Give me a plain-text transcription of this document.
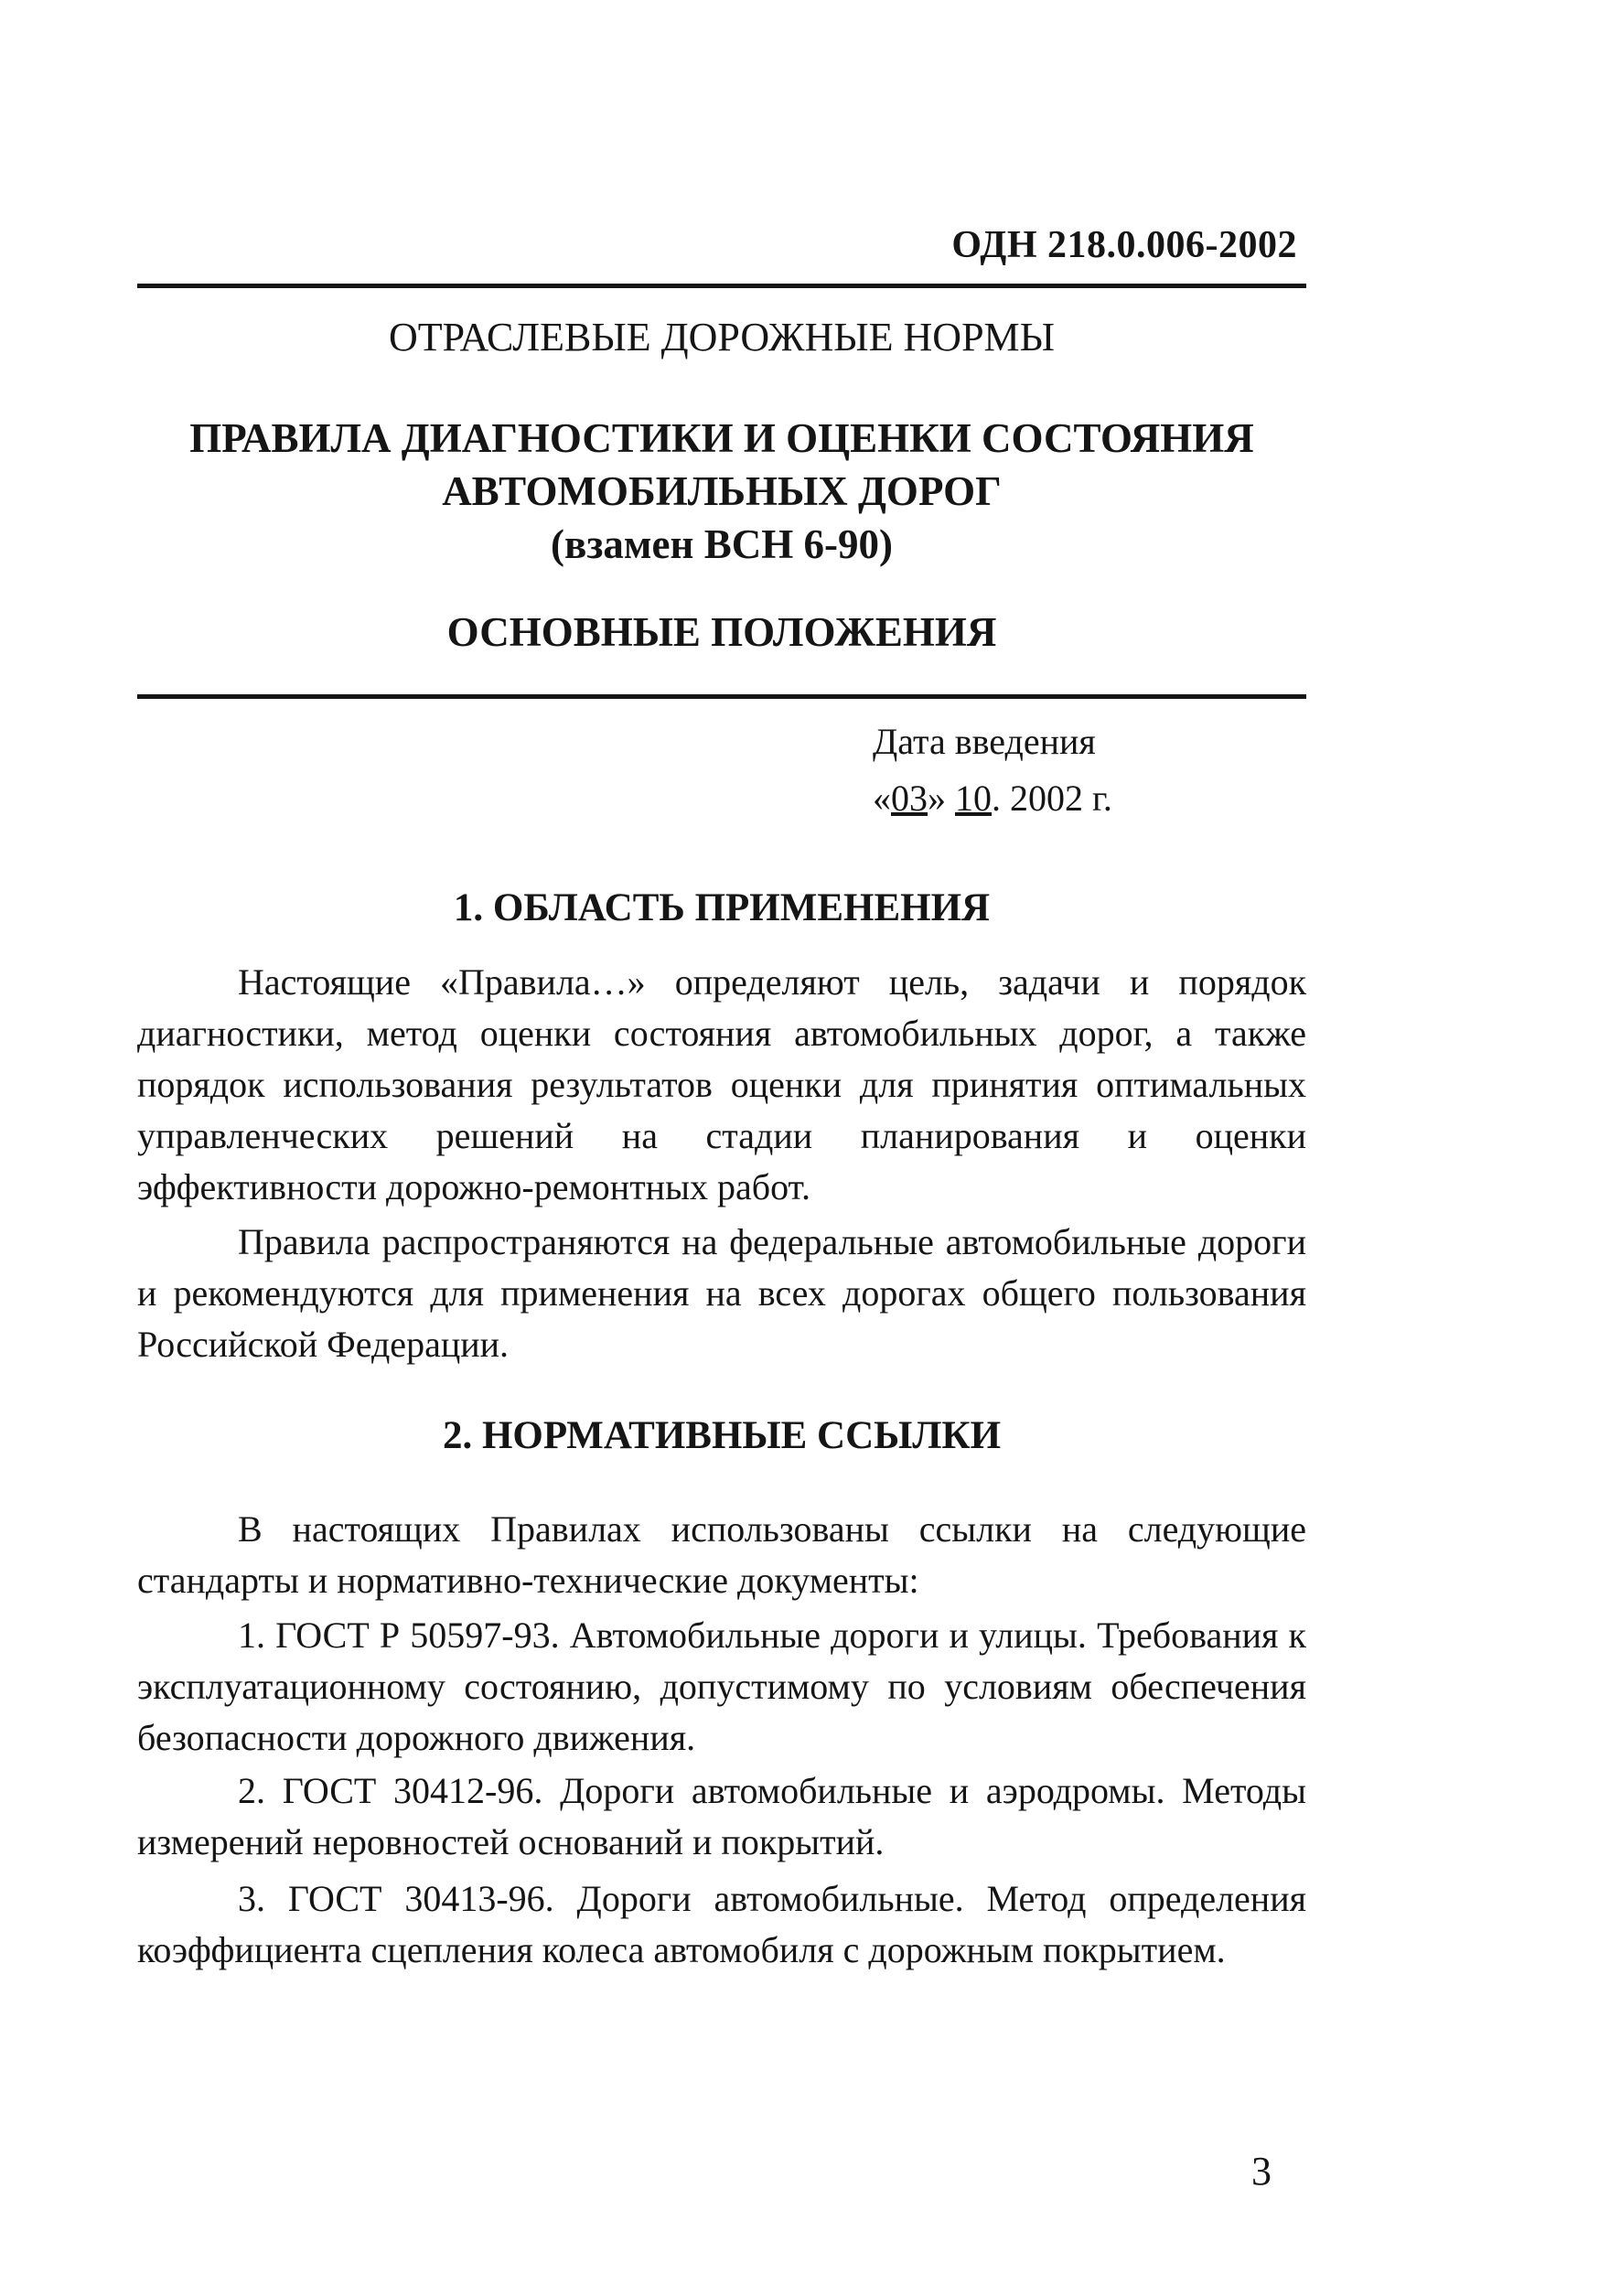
ОДН 218.0.006-2002
ОТРАСЛЕВЫЕ ДОРОЖНЫЕ НОРМЫ
ПРАВИЛА ДИАГНОСТИКИ И ОЦЕНКИ СОСТОЯНИЯ
АВТОМОБИЛЬНЫХ ДОРОГ
(взамен ВСН 6-90)
ОСНОВНЫЕ ПОЛОЖЕНИЯ
Дата введения
«03» 10. 2002 г.
1. ОБЛАСТЬ ПРИМЕНЕНИЯ

Настоящие «Правила…» определяют цель, задачи и порядок диагностики, метод оценки состояния автомобильных дорог, а также порядок использования результатов оценки для принятия оптимальных управленческих решений на стадии планирования и оценки эффективности дорожно-ремонтных работ.

Правила распространяются на федеральные автомобильные дороги и рекомендуются для применения на всех дорогах общего пользования Российской Федерации.

2. НОРМАТИВНЫЕ ССЫЛКИ

В настоящих Правилах использованы ссылки на следующие стандарты и нормативно-технические документы:

1. ГОСТ Р 50597-93. Автомобильные дороги и улицы. Требования к эксплуатационному состоянию, допустимому по условиям обеспечения безопасности дорожного движения.

2. ГОСТ 30412-96. Дороги автомобильные и аэродромы. Методы измерений неровностей оснований и покрытий.

3. ГОСТ 30413-96. Дороги автомобильные. Метод определения коэффициента сцепления колеса автомобиля с дорожным покрытием.

3
